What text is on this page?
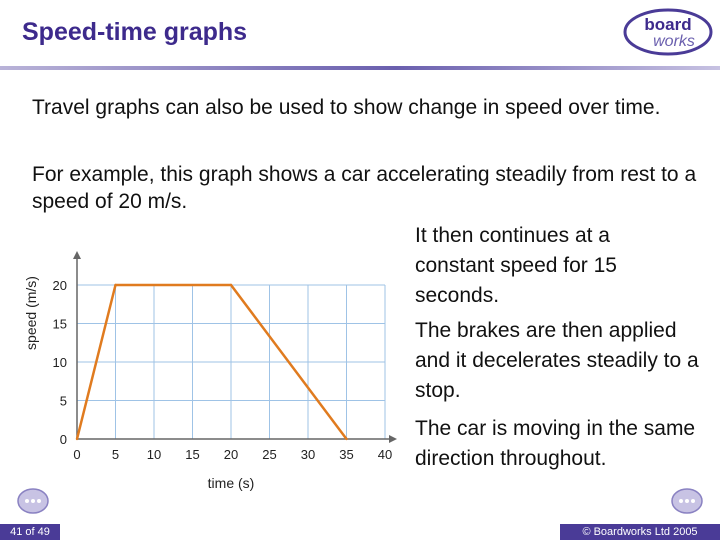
Speed-time graphs	board
works
Travel graphs can also be used to show change in speed over time.
For example, this graph shows a car accelerating steadily from rest to a speed of 20 m/s.
It then continues at a constant speed for 15 seconds.
The brakes are then applied and it decelerates steadily to a stop.
The car is moving in the same direction throughout.
0 5 10 15 20 25 30 35 40
0
5
10
15
20
time (s)
speed (m/s)
41 of 49	© Boardworks Ltd 2005
